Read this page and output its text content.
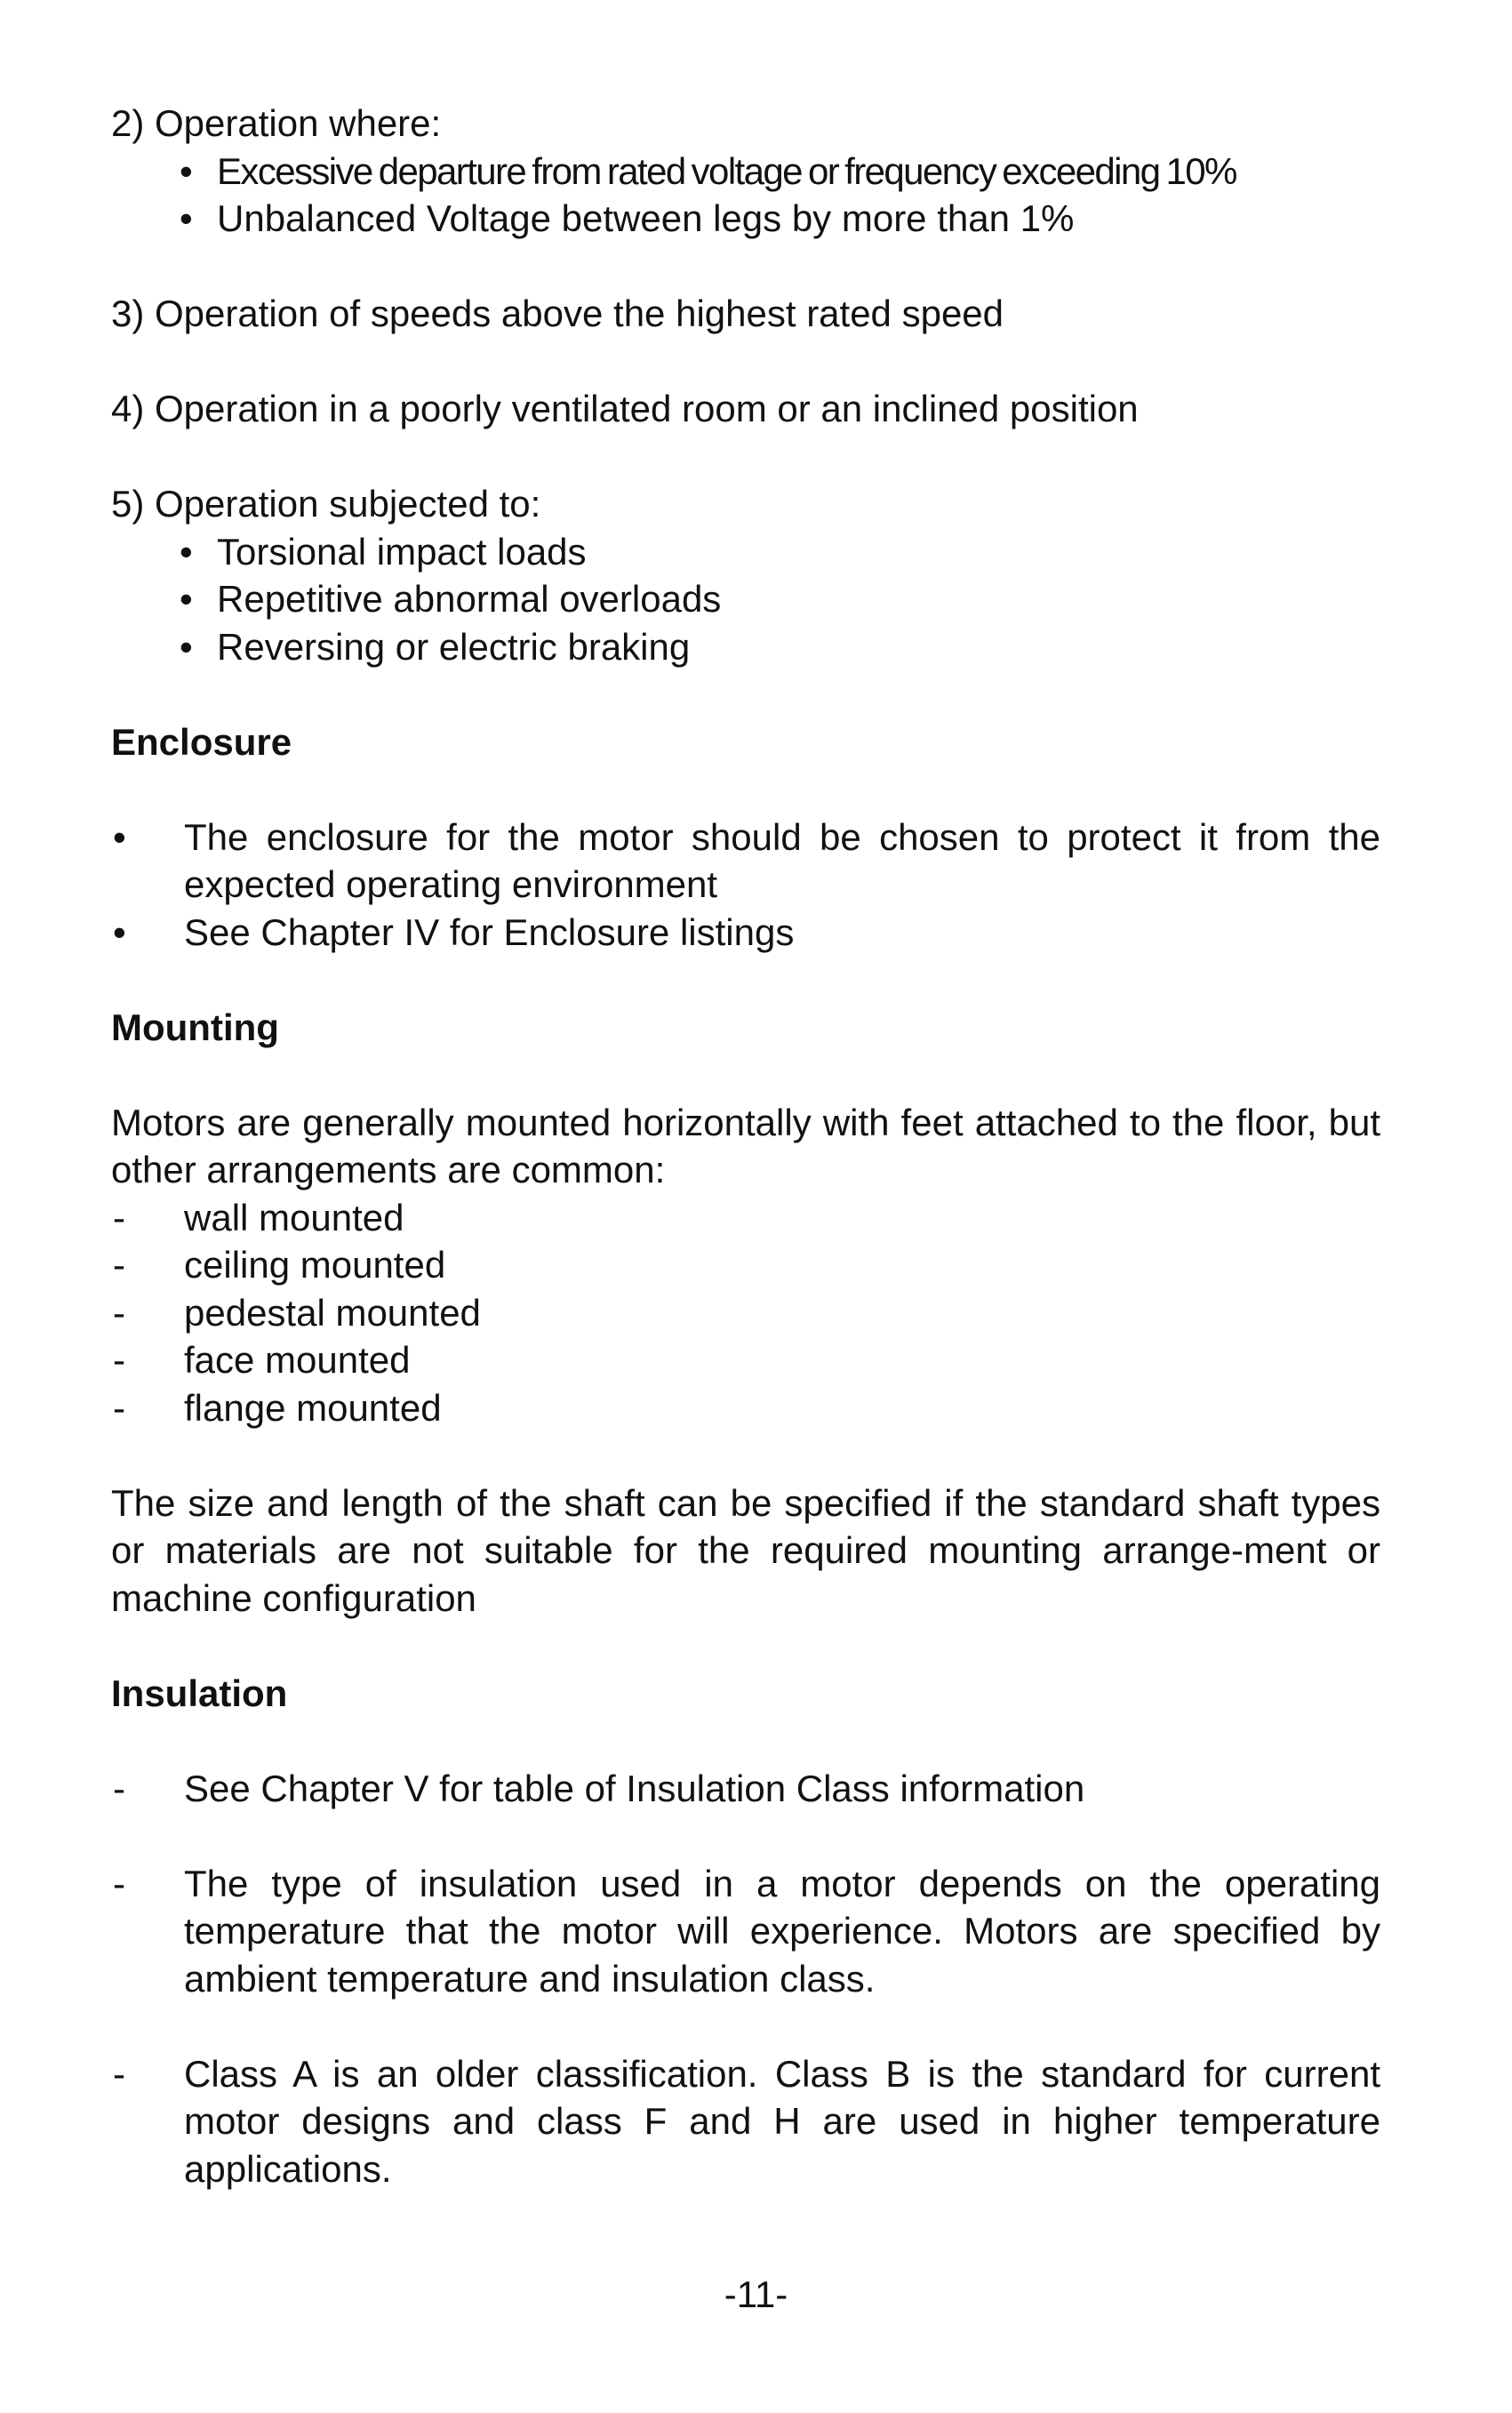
2) Operation where:

• Excessive departure from rated voltage or frequency exceeding 10%
• Unbalanced Voltage between legs by more than 1%

3) Operation of speeds above the highest rated speed

4) Operation in a poorly ventilated room or an inclined position

5) Operation subjected to:

• Torsional impact loads
• Repetitive abnormal overloads
• Reversing or electric braking
Enclosure
•	The enclosure for the motor should be chosen to protect it from the expected operating environment
•	See Chapter IV for Enclosure listings
Mounting

Motors are generally mounted horizontally with feet attached to the floor, but other arrangements are common:

-	wall mounted
-	ceiling mounted
-	pedestal mounted
-	face mounted
-	flange mounted

The size and length of the shaft can be specified if the standard shaft types or materials are not suitable for the required mounting arrange-ment or machine configuration

Insulation
-	See Chapter V for table of Insulation Class information
-	The type of insulation used in a motor depends on the operating temperature that the motor will experience. Motors are specified by ambient temperature and insulation class.
-	Class A is an older classification. Class B is the standard for current motor designs and class F and H are used in higher temperature applications.
-11-
